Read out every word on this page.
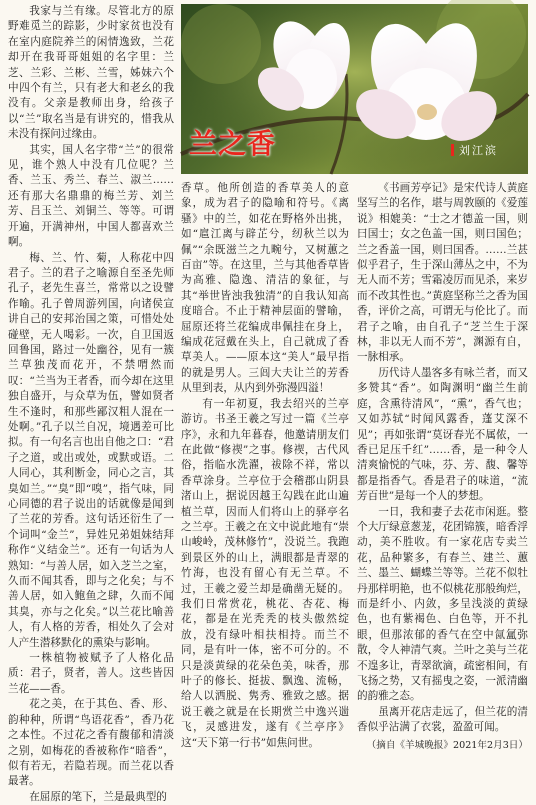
我家与兰有缘。尽管北方的原野难觅兰的踪影，少时家贫也没有在室内庭院养兰的闲情逸致，兰花却开在我哥哥姐姐的名字里：兰芝、兰彩、兰彬、兰雪，姊妹六个中四个有兰，只有老大和老幺的我没有。父亲是教师出身，给孩子以“兰”取名当是有讲究的，惜我从未没有探问过缘由。

其实，国人名字带“兰”的很常见，谁个熟人中没有几位呢？兰香、兰玉、秀兰、春兰、淑兰……还有那大名鼎鼎的梅兰芳、刘兰芳、吕玉兰、刘铜兰、等等。可谓开遍，开满神州，中国人都喜欢兰啊。

梅、兰、竹、菊，人称花中四君子。兰的君子之喻源自至圣先师孔子，老先生喜兰，常常以之设譬作喻。孔子曾周游列国，向诸侯宣讲自己的安邦治国之策，可惜处处碰壁，无人喝彩。一次，自卫国返回鲁国，路过一处幽谷，见有一簇兰草独茂而花开，不禁喟然而叹：“兰当为王者香，而今却在这里独自盛开，与众草为伍，譬如贤者生不逢时，和那些鄙汉粗人混在一处啊。”孔子以兰自况，境遇差可比拟。有一句名言也出自他之口：“君子之道，或出或处，或默或语。二人同心，其利断金，同心之言，其臭如兰。”“臭”即“嗅”，指气味，同心同德的君子说出的话就像是闻到了兰花的芳香。这句话还衍生了一个词叫“金兰”，异姓兄弟姐妹结拜称作“义结金兰”。还有一句话为人熟知：“与善人居，如入芝兰之室，久而不闻其香，即与之化矣；与不善人居，如入鲍鱼之肆，久而不闻其臭，亦与之化矣。”以兰花比喻善人，有人格的芳香，相处久了会对人产生潜移默化的熏染与影响。

一株植物被赋予了人格化品质：君子，贤者，善人。这些皆因兰花——香。

花之美，在于其色、香、形、韵种种，所谓“鸟语花香”，香乃花之本性。不过花之香有馥郁和清淡之别，如梅花的香被称作“暗香”，似有若无，若隐若现。而兰花以香最著。

在屈原的笔下，兰是最典型的

兰之香	刘江滨

香草。他所创造的香草美人的意象，成为君子的隐喻和符号。《离骚》中的兰，如花在野格外出挑，如“扈江离与辟芷兮，纫秋兰以为佩”“余既滋兰之九畹兮，又树蕙之百亩”等。在这里，兰与其他香草皆为高雅、隐逸、清洁的象征，与其“举世皆浊我独清”的自我认知高度暗合。不止于精神层面的譬喻，屈原还将兰花编成串佩挂在身上，编成花冠戴在头上，自己就成了香草美人。——原本这“美人”最早指的就是男人。三闾大夫让兰的芳香从里到表，从内到外弥漫四溢！

有一年初夏，我去绍兴的兰亭游访。书圣王羲之写过一篇《兰亭序》，永和九年暮春，他邀请朋友们在此做“修禊”之事。修禊，古代风俗，指临水洗濯，祓除不祥，常以香草涂身。兰亭位于会稽郡山阴县渚山上，据说因越王勾践在此山遍植兰草，因而人们将山上的驿亭名之兰亭。王羲之在文中说此地有“崇山峻岭，茂林修竹”，没说兰。我跑到景区外的山上，满眼都是青翠的竹海，也没有留心有无兰草。不过，王羲之爱兰却是确凿无疑的。我们日常赏花，桃花、杏花、梅花，都是在光秃秃的枝头傲然绽放，没有绿叶相扶相持。而兰不同，是有叶一体，密不可分的。不只是淡黄绿的花朵色美，味香，那叶子的修长、挺拔、飘逸、流畅，给人以洒脱、隽秀、雅致之感。据说王羲之就是在长期赏兰中逸兴遄飞，灵感进发，遂有《兰亭序》这“天下第一行书”如焦问世。

《书画芳亭记》是宋代诗人黄庭坚写兰的名作，堪与周敦颐的《爱莲说》相媲美：“士之才德盖一国，则曰国士；女之色盖一国，则曰国色；兰之香盖一国，则曰国香。……兰甚似乎君子，生于深山薄丛之中，不为无人而不芳；雪霜凌厉而见杀，来岁而不改其性也。”黄庭坚称兰之香为国香，评价之高，可谓无与伦比了。而君子之喻，由自孔子“芝兰生于深林，非以无人而不芳”，渊源有自，一脉相承。

历代诗人墨客多有咏兰者，而又多赞其“香”。如陶渊明“幽兰生前庭，含熏待清风”，“熏”，香气也；又如苏轼“时闻风露香，蓬艾深不见”；再如张谓“莫讶春光不属侬，一香已足压千红”……香，是一种令人清爽愉悦的气味，芬、芳、馥、馨等都是指香气。香是君子的味道，“流芳百世”是每一个人的梦想。

一日，我和妻子去花市闲逛。整个大厅绿意葱茏，花团锦簇，暗香浮动，美不胜收。有一家花店专卖兰花，品种繁多，有春兰、建兰、蕙兰、墨兰、蝴蝶兰等等。兰花不似牡丹那样明艳，也不似桃花那般绚烂，而是纤小、内敛，多呈浅淡的黄绿色，也有紫褐色、白色等，开不扎眼，但那浓郁的香气在空中氤氲弥散，令人神清气爽。兰叶之美与兰花不遑多让，青翠欲滴，疏密相间，有飞扬之势，又有摇曳之姿，一派清幽的韵雅之态。

虽离开花店走远了，但兰花的清香似乎沾满了衣裳，盈盈可闻。

（摘自《羊城晚报》2021年2月3日）
